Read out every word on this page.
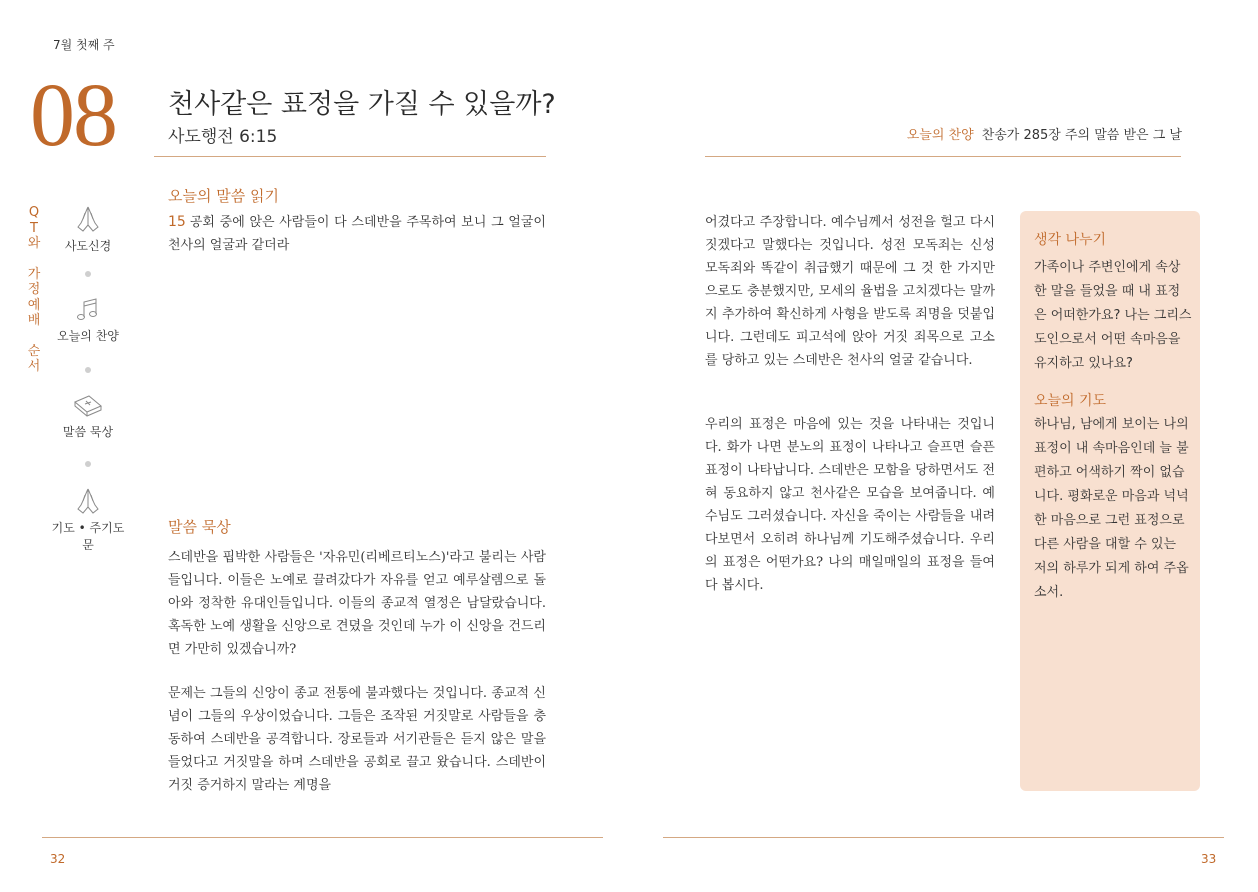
7월 첫째 주
08 천사같은 표정을 가질 수 있을까?
사도행전 6:15	오늘의 찬양 찬송가 285장 주의 말씀 받은 그 날
Q
T
와
가
정
예
배
순
서
사도신경
오늘의 찬양
말씀 묵상
기도 • 주기도문
오늘의 말씀 읽기
15 공회 중에 앉은 사람들이 다 스데반을 주목하여 보니 그 얼굴이 천사의 얼굴과 같더라
말씀 묵상
스데반을 핍박한 사람들은 '자유민(리베르티노스)'라고 불리는 사람들입니다. 이들은 노예로 끌려갔다가 자유를 얻고 예루살렘으로 돌아와 정착한 유대인들입니다. 이들의 종교적 열정은 남달랐습니다. 혹독한 노예 생활을 신앙으로 견뎠을 것인데 누가 이 신앙을 건드리면 가만히 있겠습니까?
문제는 그들의 신앙이 종교 전통에 불과했다는 것입니다. 종교적 신념이 그들의 우상이었습니다. 그들은 조작된 거짓말로 사람들을 충동하여 스데반을 공격합니다. 장로들과 서기관들은 듣지 않은 말을 들었다고 거짓말을 하며 스데반을 공회로 끌고 왔습니다. 스데반이 거짓 증거하지 말라는 계명을
어겼다고 주장합니다. 예수님께서 성전을 헐고 다시 짓겠다고 말했다는 것입니다. 성전 모독죄는 신성 모독죄와 똑같이 취급했기 때문에 그 것 한 가지만으로도 충분했지만, 모세의 율법을 고치겠다는 말까지 추가하여 확신하게 사형을 받도록 죄명을 덧붙입니다. 그런데도 피고석에 앉아 거짓 죄목으로 고소를 당하고 있는 스데반은 천사의 얼굴 같습니다.
우리의 표정은 마음에 있는 것을 나타내는 것입니다. 화가 나면 분노의 표정이 나타나고 슬프면 슬픈 표정이 나타납니다. 스데반은 모함을 당하면서도 전혀 동요하지 않고 천사같은 모습을 보여줍니다. 예수님도 그러셨습니다. 자신을 죽이는 사람들을 내려다보면서 오히려 하나님께 기도해주셨습니다. 우리의 표정은 어떤가요? 나의 매일매일의 표정을 들여다 봅시다.
생각 나누기
가족이나 주변인에게 속상한 말을 들었을 때 내 표정은 어떠한가요? 나는 그리스도인으로서 어떤 속마음을 유지하고 있나요?
오늘의 기도
하나님, 남에게 보이는 나의 표정이 내 속마음인데 늘 불편하고 어색하기 짝이 없습니다. 평화로운 마음과 넉넉한 마음으로 그런 표정으로 다른 사람을 대할 수 있는 저의 하루가 되게 하여 주옵소서.
32	33
